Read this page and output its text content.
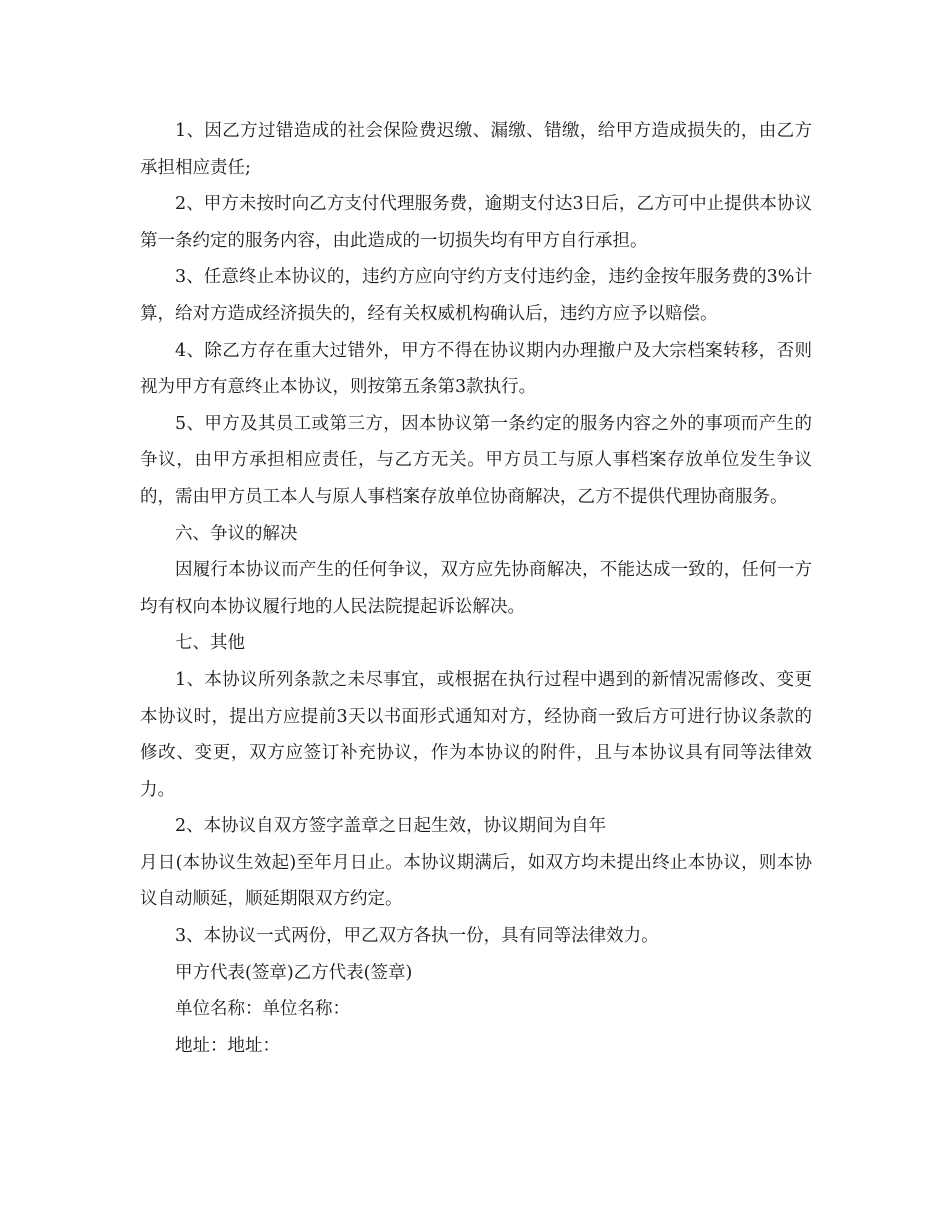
1、因乙方过错造成的社会保险费迟缴、漏缴、错缴，给甲方造成损失的，由乙方承担相应责任;

2、甲方未按时向乙方支付代理服务费，逾期支付达3日后，乙方可中止提供本协议第一条约定的服务内容，由此造成的一切损失均有甲方自行承担。

3、任意终止本协议的，违约方应向守约方支付违约金，违约金按年服务费的3%计算，给对方造成经济损失的，经有关权威机构确认后，违约方应予以赔偿。

4、除乙方存在重大过错外，甲方不得在协议期内办理撤户及大宗档案转移，否则视为甲方有意终止本协议，则按第五条第3款执行。

5、甲方及其员工或第三方，因本协议第一条约定的服务内容之外的事项而产生的争议，由甲方承担相应责任，与乙方无关。甲方员工与原人事档案存放单位发生争议的，需由甲方员工本人与原人事档案存放单位协商解决，乙方不提供代理协商服务。

六、争议的解决

因履行本协议而产生的任何争议，双方应先协商解决，不能达成一致的，任何一方均有权向本协议履行地的人民法院提起诉讼解决。

七、其他

1、本协议所列条款之未尽事宜，或根据在执行过程中遇到的新情况需修改、变更本协议时，提出方应提前3天以书面形式通知对方，经协商一致后方可进行协议条款的修改、变更，双方应签订补充协议，作为本协议的附件，且与本协议具有同等法律效力。

2、本协议自双方签字盖章之日起生效，协议期间为自年

月日(本协议生效起)至年月日止。本协议期满后，如双方均未提出终止本协议，则本协议自动顺延，顺延期限双方约定。

3、本协议一式两份，甲乙双方各执一份，具有同等法律效力。

甲方代表(签章)乙方代表(签章)

单位名称：单位名称：

地址：地址：
